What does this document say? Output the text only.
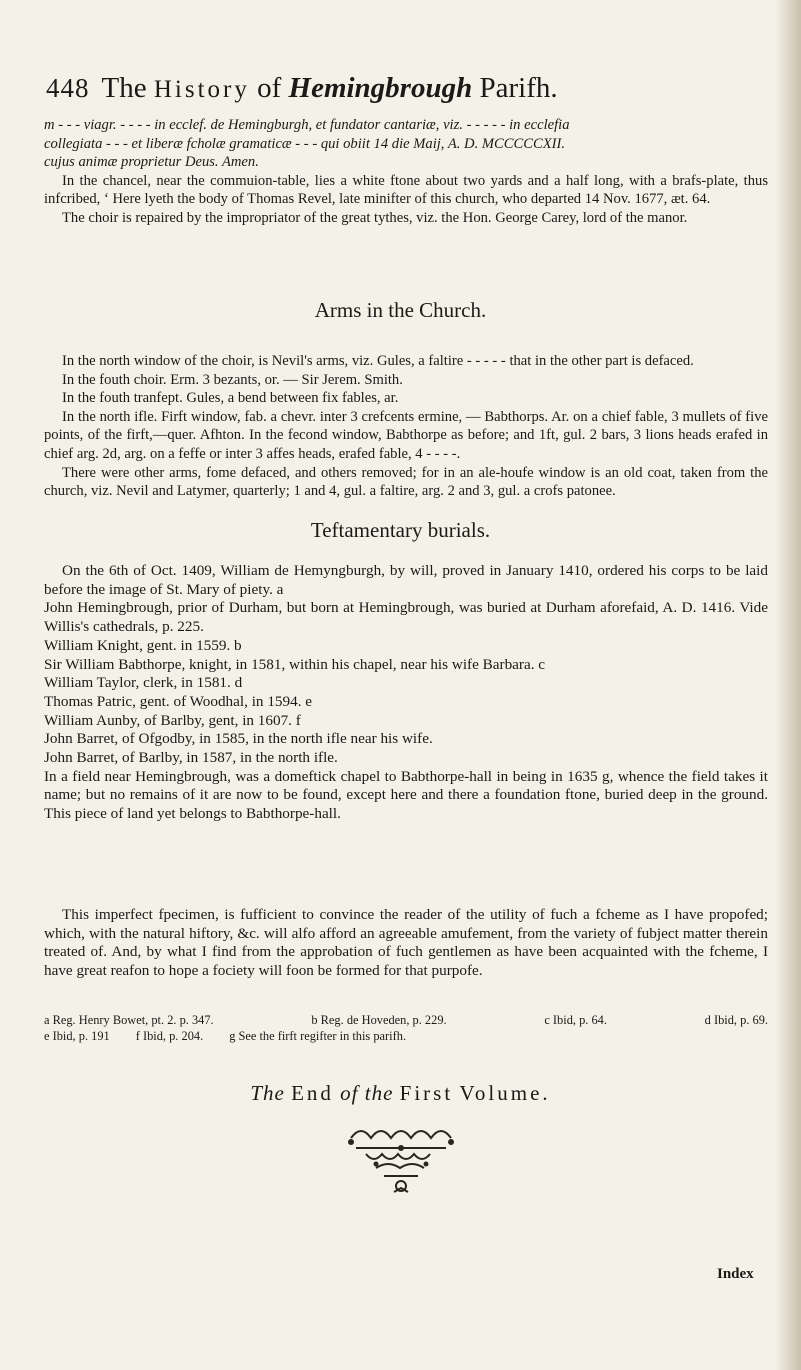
448 The History of Hemingbrough Parifh.

m - - - viagr. - - - - in ecclef. de Hemingburgh, et fundator cantariæ, viz. - - - - - in ecclefia

collegiata - - - et liberæ fcholæ gramaticæ - - - qui obiit 14 die Maij, A. D. MCCCCCXII.

cujus animæ proprietur Deus. Amen.

In the chancel, near the commuion-table, lies a white ftone about two yards and a half long, with a brafs-plate, thus infcribed, ‘ Here lyeth the body of Thomas Revel, late minifter of this church, who departed 14 Nov. 1677, æt. 64.

The choir is repaired by the impropriator of the great tythes, viz. the Hon. George Carey, lord of the manor.

Arms in the Church.

In the north window of the choir, is Nevil's arms, viz. Gules, a faltire - - - - - that in the other part is defaced.

In the fouth choir. Erm. 3 bezants, or. — Sir Jerem. Smith.

In the fouth tranfept. Gules, a bend between fix fables, ar.

In the north ifle. Firft window, fab. a chevr. inter 3 crefcents ermine, — Babthorps. Ar. on a chief fable, 3 mullets of five points, of the firft,—quer. Afhton. In the fecond window, Babthorpe as before; and 1ft, gul. 2 bars, 3 lions heads erafed in chief arg. 2d, arg. on a feffe or inter 3 affes heads, erafed fable, 4 - - - -.

There were other arms, fome defaced, and others removed; for in an ale-houfe window is an old coat, taken from the church, viz. Nevil and Latymer, quarterly; 1 and 4, gul. a faltire, arg. 2 and 3, gul. a crofs patonee.

Teftamentary burials.

On the 6th of Oct. 1409, William de Hemyngburgh, by will, proved in January 1410, ordered his corps to be laid before the image of St. Mary of piety. a

John Hemingbrough, prior of Durham, but born at Hemingbrough, was buried at Durham aforefaid, A. D. 1416. Vide Willis's cathedrals, p. 225.

William Knight, gent. in 1559. b

Sir William Babthorpe, knight, in 1581, within his chapel, near his wife Barbara. c

William Taylor, clerk, in 1581. d

Thomas Patric, gent. of Woodhal, in 1594. e

William Aunby, of Barlby, gent, in 1607. f

John Barret, of Ofgodby, in 1585, in the north ifle near his wife.

John Barret, of Barlby, in 1587, in the north ifle.

In a field near Hemingbrough, was a domeftick chapel to Babthorpe-hall in being in 1635 g, whence the field takes it name; but no remains of it are now to be found, except here and there a foundation ftone, buried deep in the ground. This piece of land yet belongs to Babthorpe-hall.

This imperfect fpecimen, is fufficient to convince the reader of the utility of fuch a fcheme as I have propofed; which, with the natural hiftory, &c. will alfo afford an agreeable amufement, from the variety of fubject matter therein treated of. And, by what I find from the approbation of fuch gentlemen as have been acquainted with the fcheme, I have great reafon to hope a fociety will foon be formed for that purpofe.
a Reg. Henry Bowet, pt. 2. p. 347.	b Reg. de Hoveden, p. 229.	c Ibid, p. 64.	d Ibid, p. 69.
e Ibid, p. 191 f Ibid, p. 204. g See the firft regifter in this parifh.
The End of the First Volume.
Index
